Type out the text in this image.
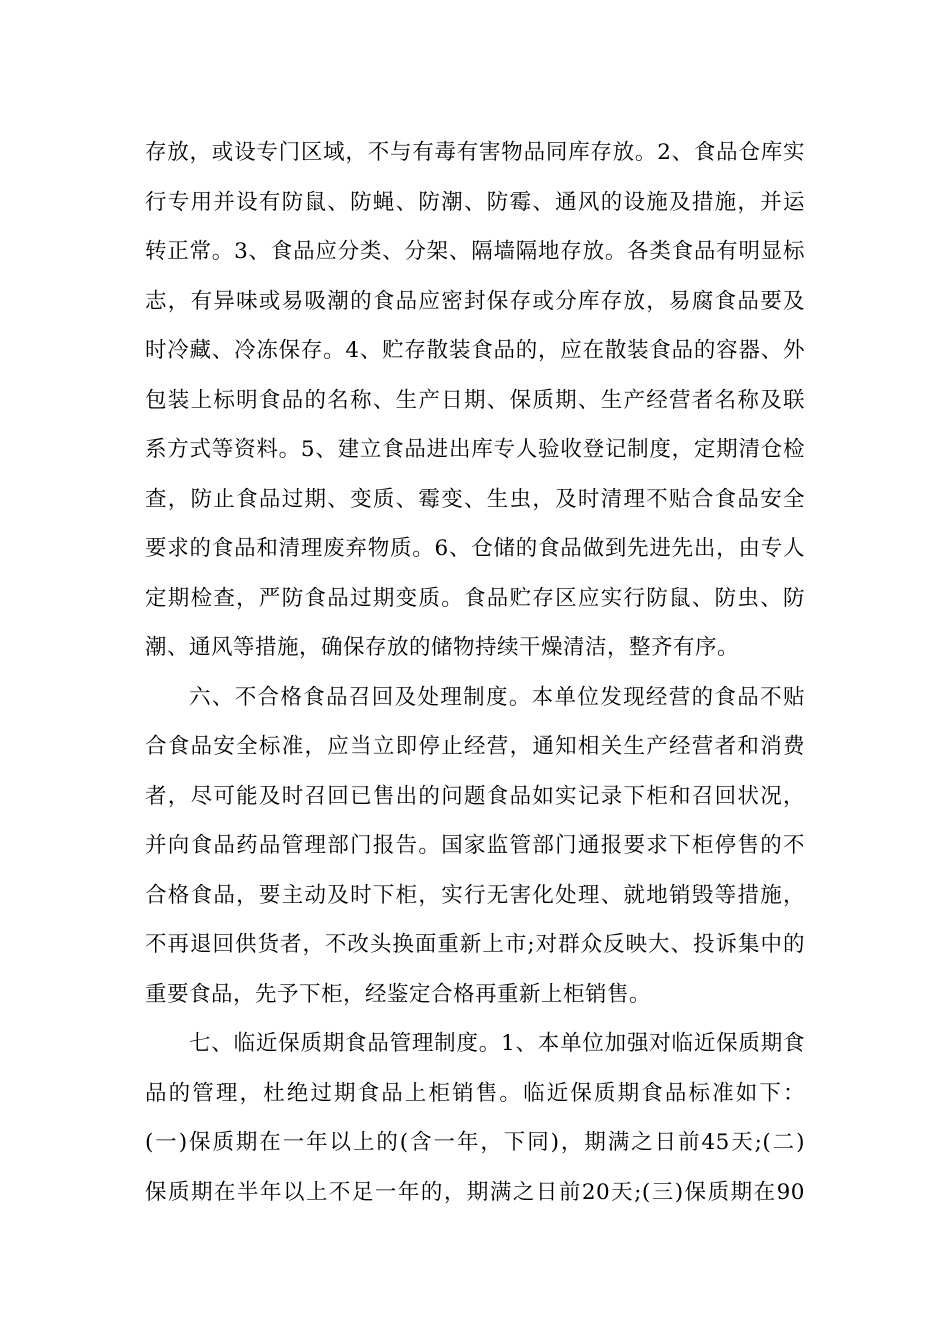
存放，或设专门区域，不与有毒有害物品同库存放。2、食品仓库实
行专用并设有防鼠、防蝇、防潮、防霉、通风的设施及措施，并运
转正常。3、食品应分类、分架、隔墙隔地存放。各类食品有明显标
志，有异味或易吸潮的食品应密封保存或分库存放，易腐食品要及
时冷藏、冷冻保存。4、贮存散装食品的，应在散装食品的容器、外
包装上标明食品的名称、生产日期、保质期、生产经营者名称及联
系方式等资料。5、建立食品进出库专人验收登记制度，定期清仓检
查，防止食品过期、变质、霉变、生虫，及时清理不贴合食品安全
要求的食品和清理废弃物质。6、仓储的食品做到先进先出，由专人
定期检查，严防食品过期变质。食品贮存区应实行防鼠、防虫、防
潮、通风等措施，确保存放的储物持续干燥清洁，整齐有序。
六、不合格食品召回及处理制度。本单位发现经营的食品不贴
合食品安全标准，应当立即停止经营，通知相关生产经营者和消费
者，尽可能及时召回已售出的问题食品如实记录下柜和召回状况，
并向食品药品管理部门报告。国家监管部门通报要求下柜停售的不
合格食品，要主动及时下柜，实行无害化处理、就地销毁等措施，
不再退回供货者，不改头换面重新上市;对群众反映大、投诉集中的
重要食品，先予下柜，经鉴定合格再重新上柜销售。
七、临近保质期食品管理制度。1、本单位加强对临近保质期食
品的管理，杜绝过期食品上柜销售。临近保质期食品标准如下：
(一)保质期在一年以上的(含一年，下同)，期满之日前45天;(二)
保质期在半年以上不足一年的，期满之日前20天;(三)保质期在90
